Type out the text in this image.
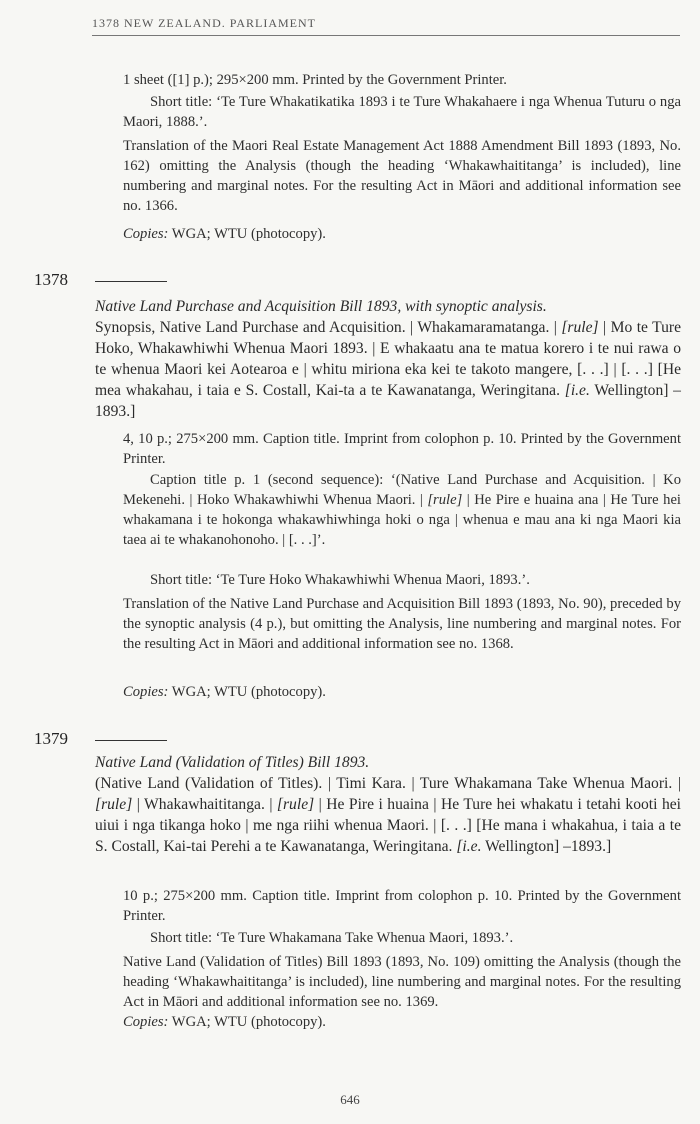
1378 NEW ZEALAND. PARLIAMENT

1 sheet ([1] p.); 295×200 mm. Printed by the Government Printer.

Short title: ‘Te Ture Whakatikatika 1893 i te Ture Whakahaere i nga Whenua Tuturu o nga Maori, 1888.’.

Translation of the Maori Real Estate Management Act 1888 Amendment Bill 1893 (1893, No. 162) omitting the Analysis (though the heading ‘Whakawhaititanga’ is included), line numbering and marginal notes. For the resulting Act in Māori and additional information see no. 1366.

Copies: WGA; WTU (photocopy).
1378

Native Land Purchase and Acquisition Bill 1893, with synoptic analysis.
Synopsis, Native Land Purchase and Acquisition. | Whakamaramatanga. | [rule] | Mo te Ture Hoko, Whakawhiwhi Whenua Maori 1893. | E whakaatu ana te matua korero i te nui rawa o te whenua Maori kei Aotearoa e | whitu miriona eka kei te takoto mangere, [. . .] | [. . .] [He mea whakahau, i taia e S. Costall, Kai-ta a te Kawanatanga, Weringitana. [i.e. Wellington] –1893.]

4, 10 p.; 275×200 mm. Caption title. Imprint from colophon p. 10. Printed by the Government Printer.

Caption title p. 1 (second sequence): ‘(Native Land Purchase and Acquisition. | Ko Mekenehi. | Hoko Whakawhiwhi Whenua Maori. | [rule] | He Pire e huaina ana | He Ture hei whakamana i te hokonga whakawhiwhinga hoki o nga | whenua e mau ana ki nga Maori kia taea ai te whakanohonoho. | [. . .]’.

Short title: ‘Te Ture Hoko Whakawhiwhi Whenua Maori, 1893.’.

Translation of the Native Land Purchase and Acquisition Bill 1893 (1893, No. 90), preceded by the synoptic analysis (4 p.), but omitting the Analysis, line numbering and marginal notes. For the resulting Act in Māori and additional information see no. 1368.

Copies: WGA; WTU (photocopy).
1379

Native Land (Validation of Titles) Bill 1893.
(Native Land (Validation of Titles). | Timi Kara. | Ture Whakamana Take Whenua Maori. | [rule] | Whakawhaititanga. | [rule] | He Pire i huaina | He Ture hei whakatu i tetahi kooti hei uiui i nga tikanga hoko | me nga riihi whenua Maori. | [. . .] [He mana i whakahua, i taia a te S. Costall, Kai-tai Perehi a te Kawanatanga, Weringitana. [i.e. Wellington] –1893.]

10 p.; 275×200 mm. Caption title. Imprint from colophon p. 10. Printed by the Government Printer.

Short title: ‘Te Ture Whakamana Take Whenua Maori, 1893.’.

Native Land (Validation of Titles) Bill 1893 (1893, No. 109) omitting the Analysis (though the heading ‘Whakawhaititanga’ is included), line numbering and marginal notes. For the resulting Act in Māori and additional information see no. 1369.

Copies: WGA; WTU (photocopy).
646
